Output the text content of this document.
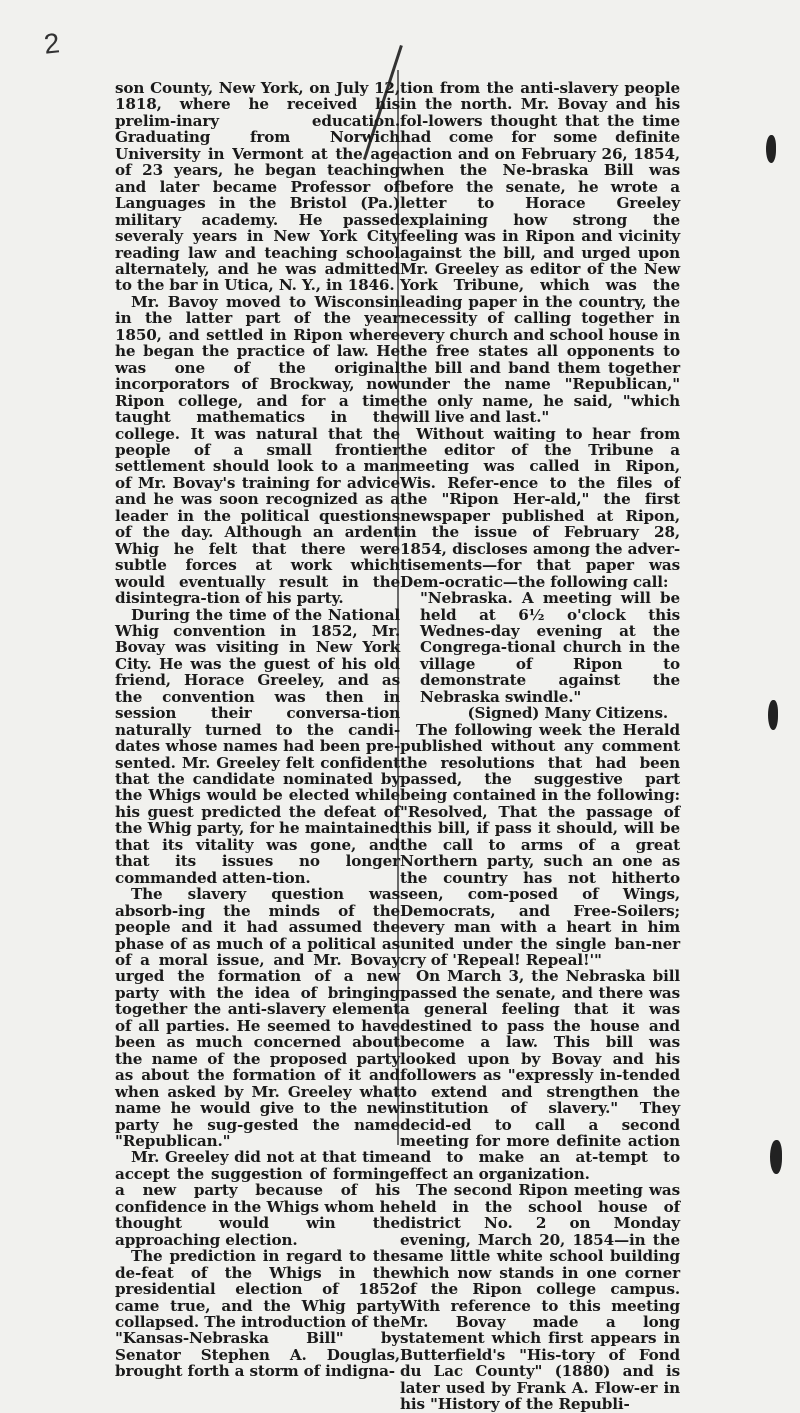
2

son County, New York, on July 12, 1818, where he received his prelim-inary education. Graduating from Norwich University in Vermont at the age of 23 years, he began teaching and later became Professor of Languages in the Bristol (Pa.) military academy. He passed severaly years in New York City reading law and teaching school alternately, and he was admitted to the bar in Utica, N. Y., in 1846.

Mr. Bavoy moved to Wisconsin in the latter part of the year 1850, and settled in Ripon where he began the practice of law. He was one of the original incorporators of Brockway, now Ripon college, and for a time taught mathematics in the college. It was natural that the people of a small frontier settlement should look to a man of Mr. Bovay's training for advice and he was soon recognized as a leader in the political questions of the day. Although an ardent Whig he felt that there were subtle forces at work which would eventually result in the disintegra-tion of his party.

During the time of the National Whig convention in 1852, Mr. Bovay was visiting in New York City. He was the guest of his old friend, Horace Greeley, and as the convention was then in session their conversa-tion naturally turned to the candi-dates whose names had been pre-sented. Mr. Greeley felt confident that the candidate nominated by the Whigs would be elected while his guest predicted the defeat of the Whig party, for he maintained that its vitality was gone, and that its issues no longer commanded atten-tion.

The slavery question was absorb-ing the minds of the people and it had assumed the phase of as much of a political as of a moral issue, and Mr. Bovay urged the formation of a new party with the idea of bringing together the anti-slavery element of all parties. He seemed to have been as much concerned about the name of the proposed party as about the formation of it and when asked by Mr. Greeley what name he would give to the new party he sug-gested the name "Republican."

Mr. Greeley did not at that time accept the suggestion of forming a new party because of his confidence in the Whigs whom he thought would win the approaching election.

The prediction in regard to the de-feat of the Whigs in the presidential election of 1852 came true, and the Whig party collapsed. The introduction of the "Kansas-Nebraska Bill" by Senator Stephen A. Douglas, brought forth a storm of indigna-

tion from the anti-slavery people in the north. Mr. Bovay and his fol-lowers thought that the time had come for some definite action and on February 26, 1854, when the Ne-braska Bill was before the senate, he wrote a letter to Horace Greeley explaining how strong the feeling was in Ripon and vicinity against the bill, and urged upon Mr. Greeley as editor of the New York Tribune, which was the leading paper in the country, the necessity of calling together in every church and school house in the free states all opponents to the bill and band them together under the name "Republican," the only name, he said, "which will live and last."

Without waiting to hear from the editor of the Tribune a meeting was called in Ripon, Wis. Refer-ence to the files of the "Ripon Her-ald," the first newspaper published at Ripon, in the issue of February 28, 1854, discloses among the adver-tisements—for that paper was Dem-ocratic—the following call:

"Nebraska. A meeting will be held at 6½ o'clock this Wednes-day evening at the Congrega-tional church in the village of Ripon to demonstrate against the Nebraska swindle."

(Signed) Many Citizens.

The following week the Herald published without any comment the resolutions that had been passed, the suggestive part being contained in the following: "Resolved, That the passage of this bill, if pass it should, will be the call to arms of a great Northern party, such an one as the country has not hitherto seen, com-posed of Wings, Democrats, and Free-Soilers; every man with a heart in him united under the single ban-ner cry of 'Repeal! Repeal!'"

On March 3, the Nebraska bill passed the senate, and there was a general feeling that it was destined to pass the house and become a law. This bill was looked upon by Bovay and his followers as "expressly in-tended to extend and strengthen the institution of slavery." They decid-ed to call a second meeting for more definite action and to make an at-tempt to effect an organization.

The second Ripon meeting was held in the school house of district No. 2 on Monday evening, March 20, 1854—in the same little white school building which now stands in one corner of the Ripon college campus. With reference to this meeting Mr. Bovay made a long statement which first appears in Butterfield's "His-tory of Fond du Lac County" (1880) and is later used by Frank A. Flow-er in his "History of the Republi-
